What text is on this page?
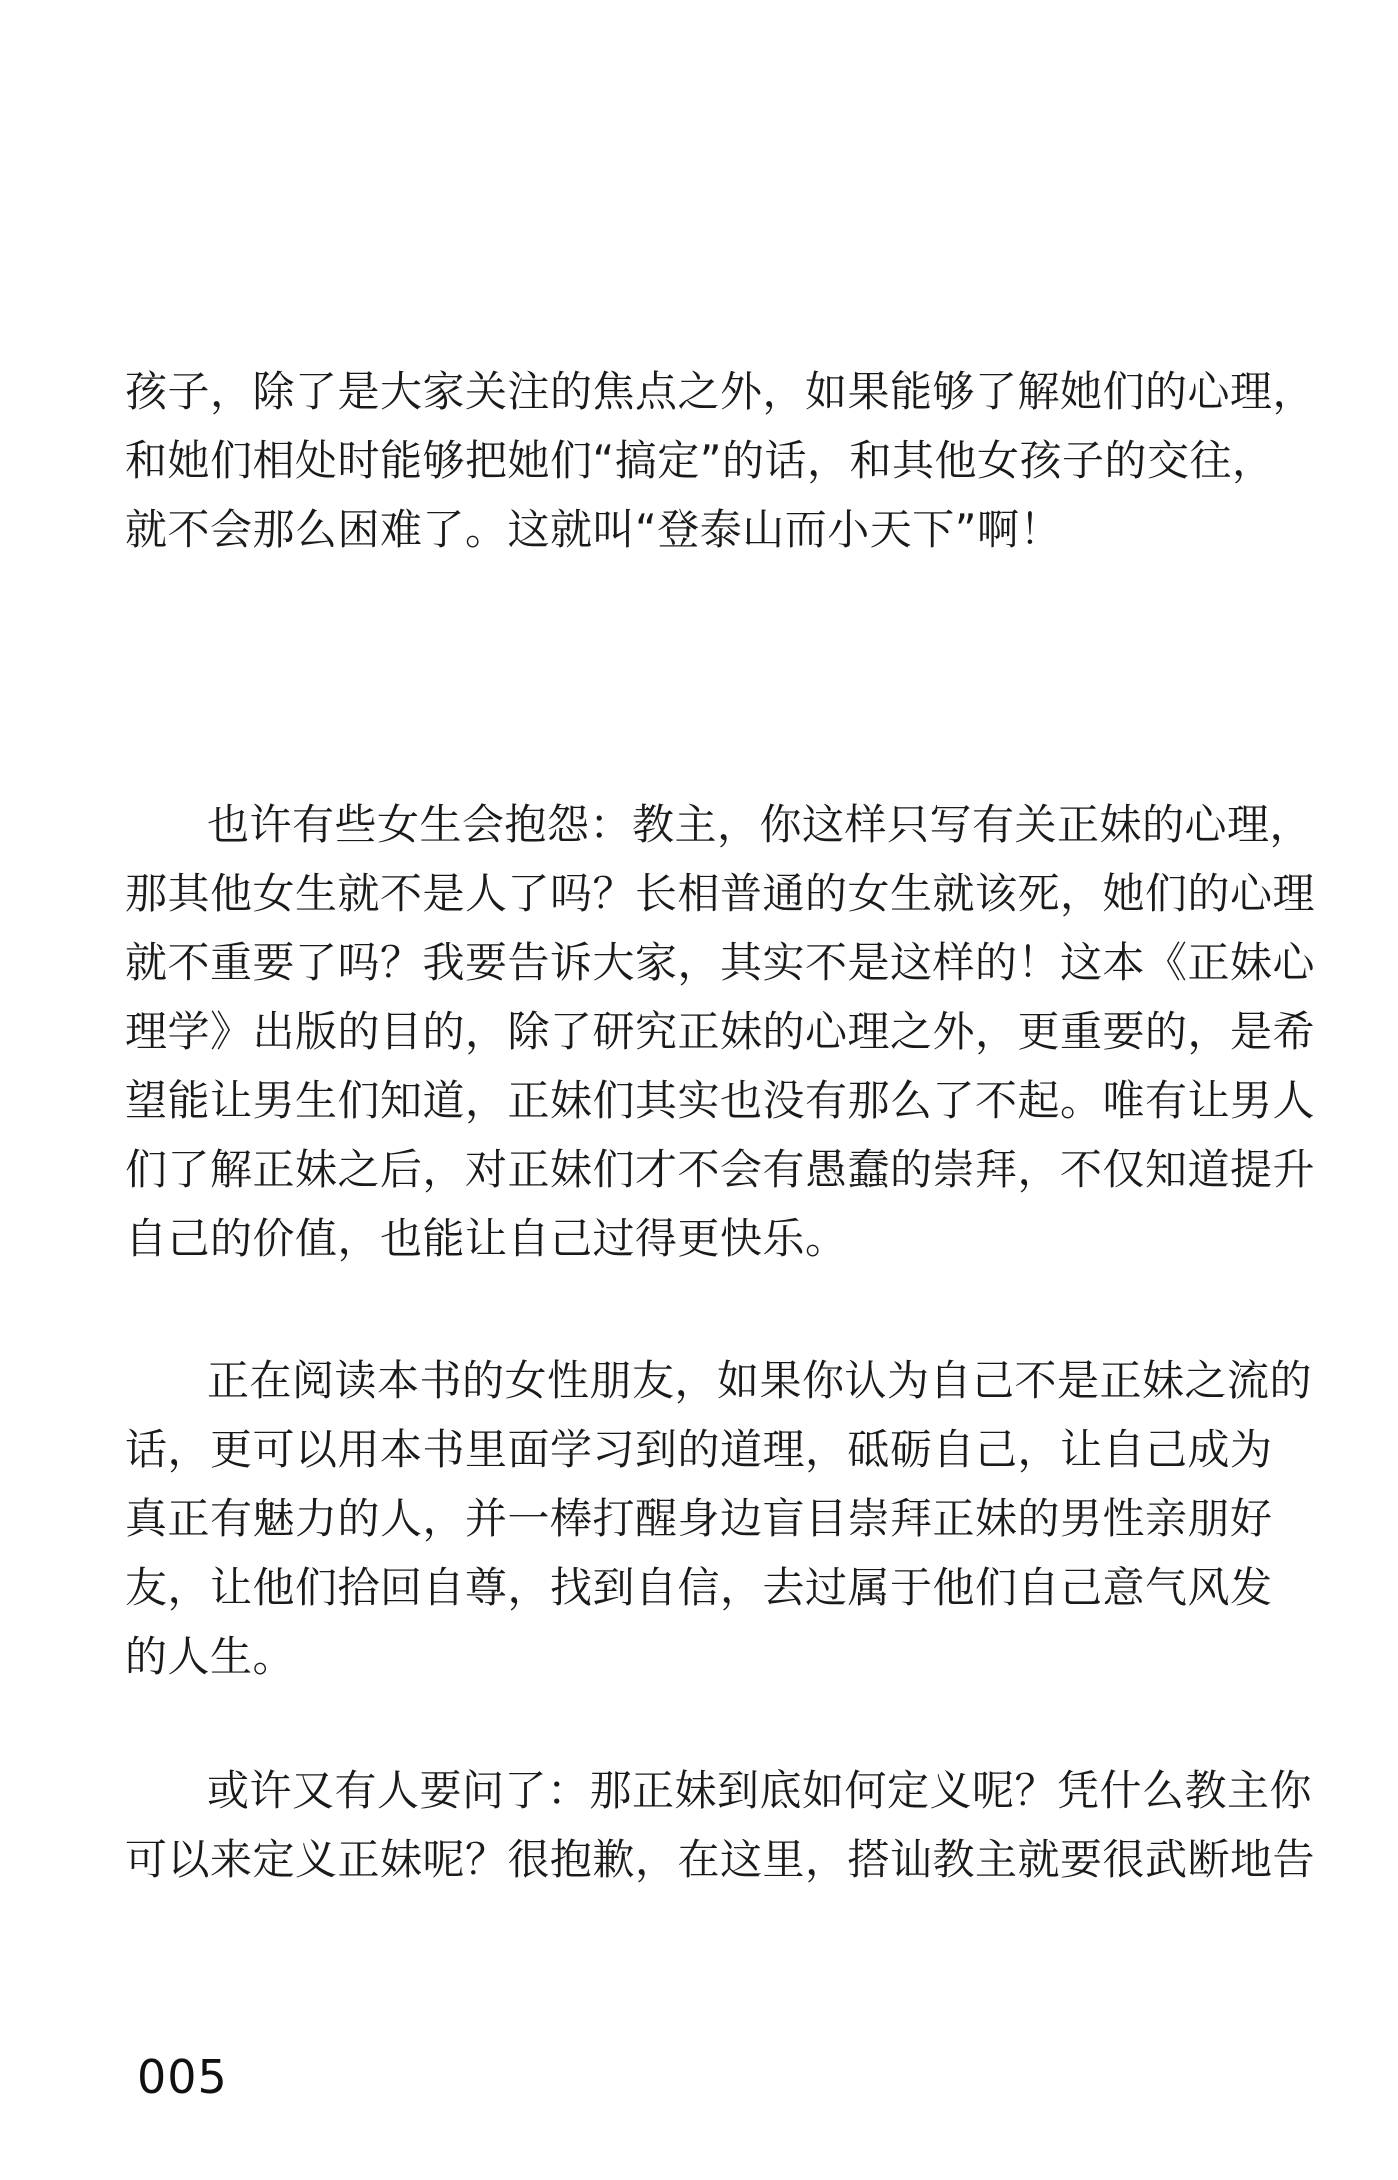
孩子，除了是大家关注的焦点之外，如果能够了解她们的心理，
和她们相处时能够把她们“搞定”的话，和其他女孩子的交往，
就不会那么困难了。这就叫“登泰山而小天下”啊！
也许有些女生会抱怨：教主，你这样只写有关正妹的心理，
那其他女生就不是人了吗？长相普通的女生就该死，她们的心理
就不重要了吗？我要告诉大家，其实不是这样的！这本《正妹心
理学》出版的目的，除了研究正妹的心理之外，更重要的，是希
望能让男生们知道，正妹们其实也没有那么了不起。唯有让男人
们了解正妹之后，对正妹们才不会有愚蠢的崇拜，不仅知道提升
自己的价值，也能让自己过得更快乐。
正在阅读本书的女性朋友，如果你认为自己不是正妹之流的
话，更可以用本书里面学习到的道理，砥砺自己，让自己成为
真正有魅力的人，并一棒打醒身边盲目崇拜正妹的男性亲朋好
友，让他们拾回自尊，找到自信，去过属于他们自己意气风发
的人生。
或许又有人要问了：那正妹到底如何定义呢？凭什么教主你
可以来定义正妹呢？很抱歉，在这里，搭讪教主就要很武断地告
005
